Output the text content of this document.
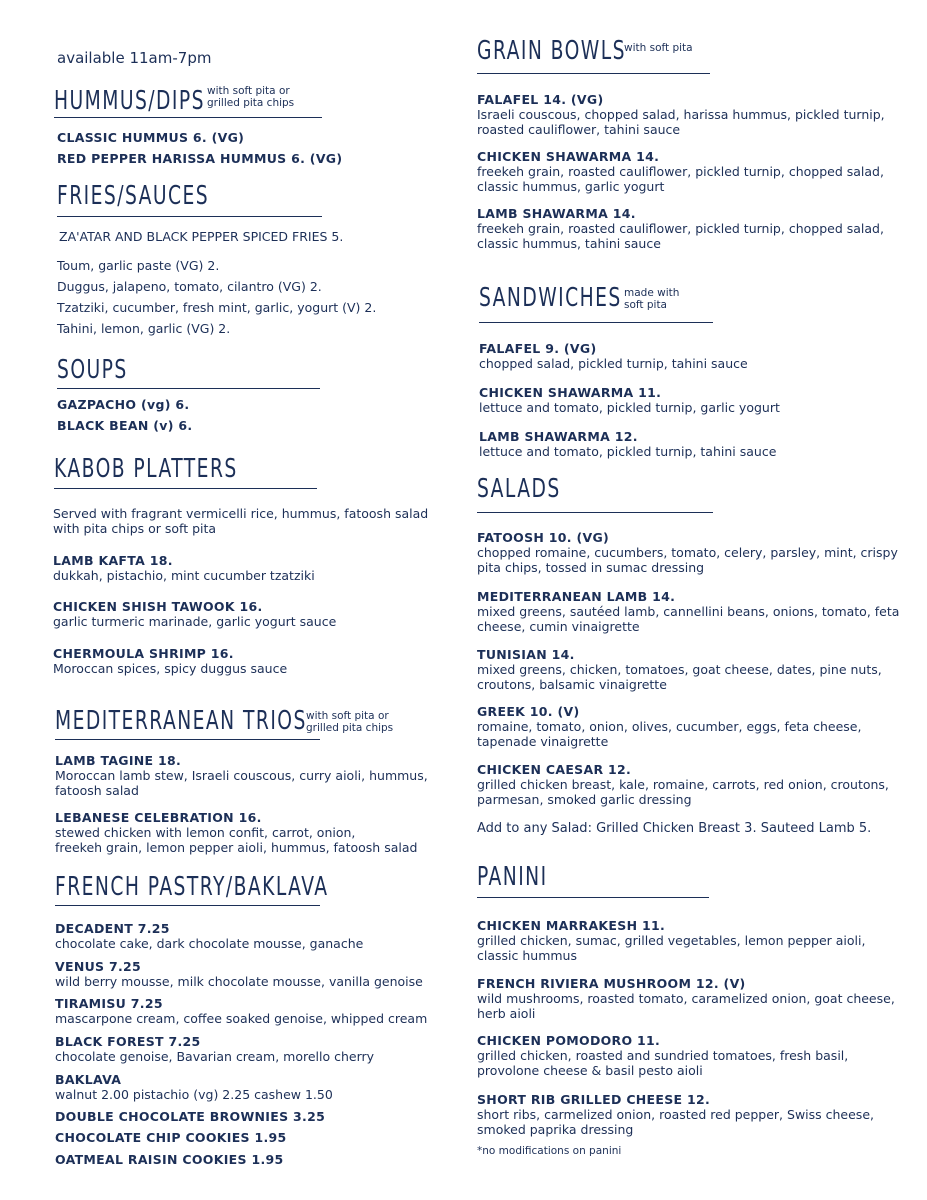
available 11am-7pm
HUMMUS/DIPS with soft pita or
grilled pita chips
CLASSIC HUMMUS 6. (VG)
RED PEPPER HARISSA HUMMUS 6. (VG)
FRIES/SAUCES
ZA'ATAR AND BLACK PEPPER SPICED FRIES 5.
Toum, garlic paste (VG) 2.
Duggus, jalapeno, tomato, cilantro (VG) 2.
Tzatziki, cucumber, fresh mint, garlic, yogurt (V) 2.
Tahini, lemon, garlic (VG) 2.
SOUPS
GAZPACHO (vg) 6.
BLACK BEAN (v) 6.
KABOB PLATTERS
Served with fragrant vermicelli rice, hummus, fatoosh salad
with pita chips or soft pita
LAMB KAFTA 18.
dukkah, pistachio, mint cucumber tzatziki
CHICKEN SHISH TAWOOK 16.
garlic turmeric marinade, garlic yogurt sauce
CHERMOULA SHRIMP 16.
Moroccan spices, spicy duggus sauce
MEDITERRANEAN TRIOS with soft pita or
grilled pita chips
LAMB TAGINE 18.
Moroccan lamb stew, Israeli couscous, curry aioli, hummus,
fatoosh salad
LEBANESE CELEBRATION 16.
stewed chicken with lemon confit, carrot, onion,
freekeh grain, lemon pepper aioli, hummus, fatoosh salad
FRENCH PASTRY/BAKLAVA
DECADENT 7.25
chocolate cake, dark chocolate mousse, ganache
VENUS 7.25
wild berry mousse, milk chocolate mousse, vanilla genoise
TIRAMISU 7.25
mascarpone cream, coffee soaked genoise, whipped cream
BLACK FOREST 7.25
chocolate genoise, Bavarian cream, morello cherry
BAKLAVA
walnut 2.00 pistachio (vg) 2.25 cashew 1.50
DOUBLE CHOCOLATE BROWNIES 3.25
CHOCOLATE CHIP COOKIES 1.95
OATMEAL RAISIN COOKIES 1.95
GRAIN BOWLS
with soft pita
FALAFEL 14. (VG)
Israeli couscous, chopped salad, harissa hummus, pickled turnip,
roasted cauliflower, tahini sauce
CHICKEN SHAWARMA 14.
freekeh grain, roasted cauliflower, pickled turnip, chopped salad,
classic hummus, garlic yogurt
LAMB SHAWARMA 14.
freekeh grain, roasted cauliflower, pickled turnip, chopped salad,
classic hummus, tahini sauce
SANDWICHES made with
soft pita
FALAFEL 9. (VG)
chopped salad, pickled turnip, tahini sauce
CHICKEN SHAWARMA 11.
lettuce and tomato, pickled turnip, garlic yogurt
LAMB SHAWARMA 12.
lettuce and tomato, pickled turnip, tahini sauce
SALADS
FATOOSH 10. (VG)
chopped romaine, cucumbers, tomato, celery, parsley, mint, crispy
pita chips, tossed in sumac dressing
MEDITERRANEAN LAMB 14.
mixed greens, sautéed lamb, cannellini beans, onions, tomato, feta
cheese, cumin vinaigrette
TUNISIAN 14.
mixed greens, chicken, tomatoes, goat cheese, dates, pine nuts,
croutons, balsamic vinaigrette
GREEK 10. (V)
romaine, tomato, onion, olives, cucumber, eggs, feta cheese,
tapenade vinaigrette
CHICKEN CAESAR 12.
grilled chicken breast, kale, romaine, carrots, red onion, croutons,
parmesan, smoked garlic dressing
Add to any Salad: Grilled Chicken Breast 3. Sauteed Lamb 5.
PANINI
CHICKEN MARRAKESH 11.
grilled chicken, sumac, grilled vegetables, lemon pepper aioli,
classic hummus
FRENCH RIVIERA MUSHROOM 12. (V)
wild mushrooms, roasted tomato, caramelized onion, goat cheese,
herb aioli
CHICKEN POMODORO 11.
grilled chicken, roasted and sundried tomatoes, fresh basil,
provolone cheese & basil pesto aioli
SHORT RIB GRILLED CHEESE 12.
short ribs, carmelized onion, roasted red pepper, Swiss cheese,
smoked paprika dressing
*no modifications on panini
